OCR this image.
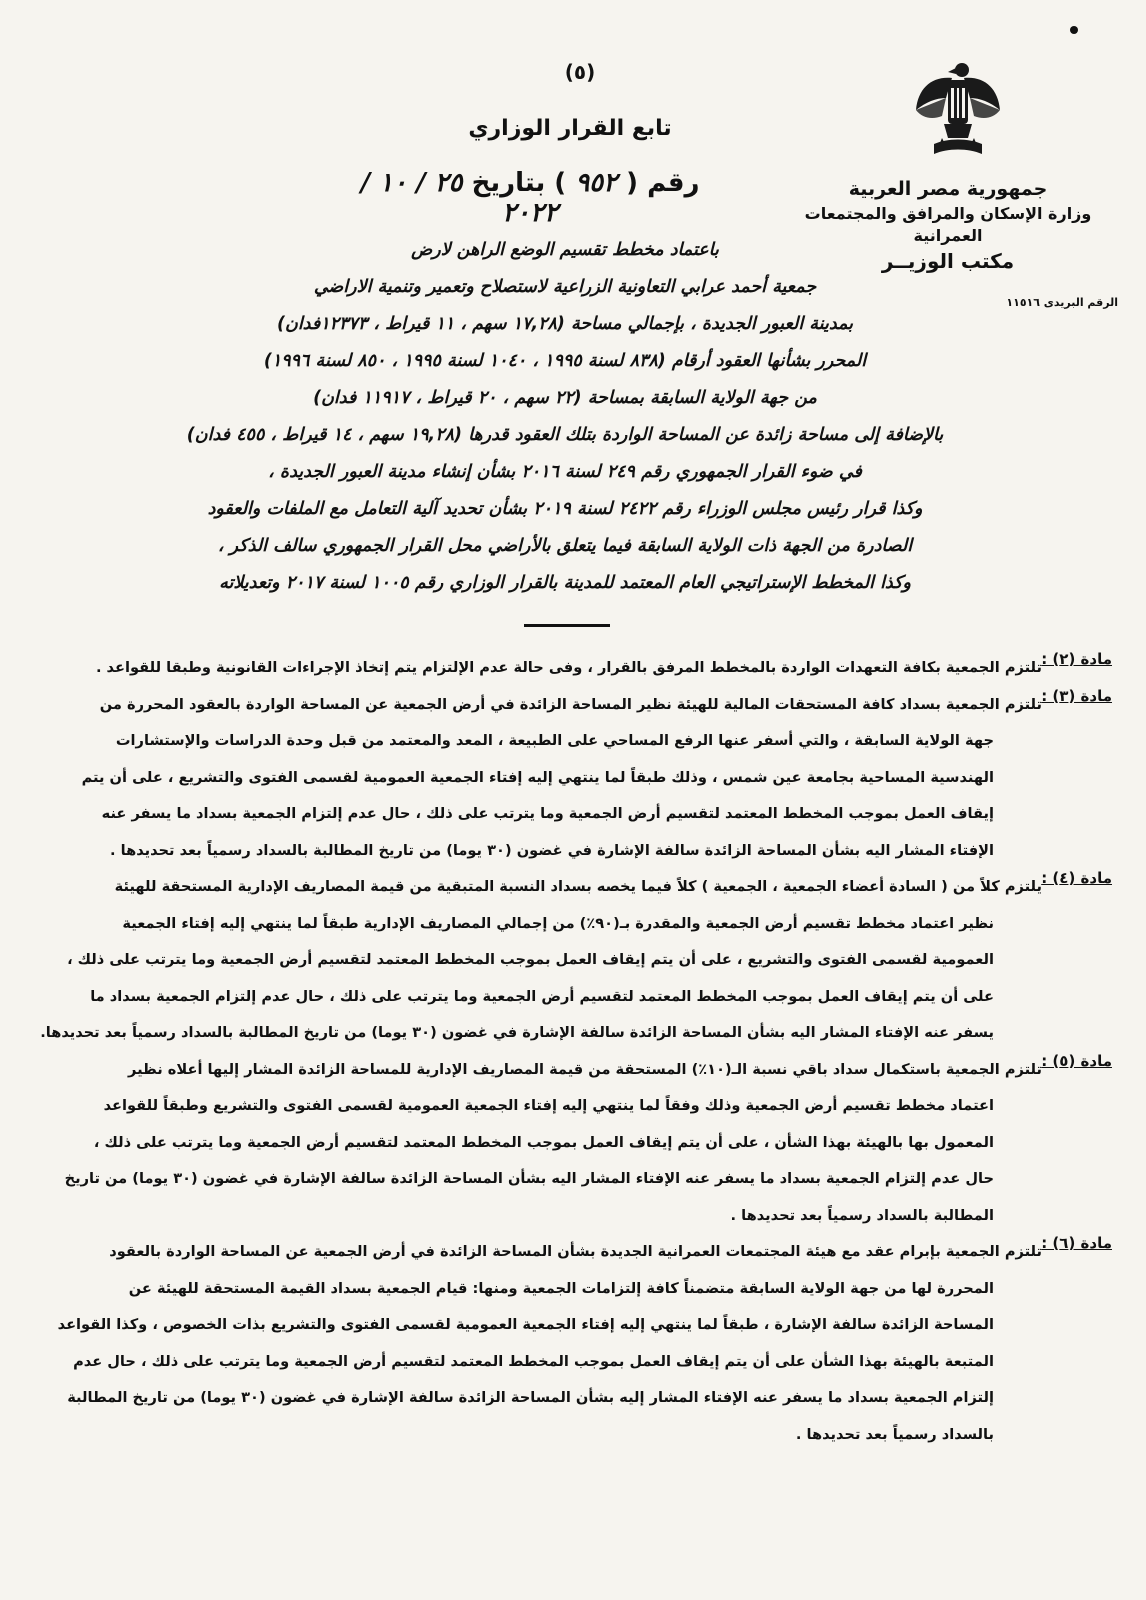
جمهورية مصر العربية
وزارة الإسكان والمرافق والمجتمعات العمرانية
مكتب الوزيــر
الرقم البريدى ١١٥١٦
(٥)
تابع القرار الوزاري
رقم ( ٩٥٢ ) بتاريخ ٢٥ / ١٠ / ٢٠٢٢

باعتماد مخطط تقسيم الوضع الراهن لارض

جمعية أحمد عرابي التعاونية الزراعية لاستصلاح وتعمير وتنمية الاراضي

بمدينة العبور الجديدة ، بإجمالي مساحة (١٧,٢٨ سهم ، ١١ قيراط ، ١٢٣٧٣فدان)

المحرر بشأنها العقود أرقام (٨٣٨ لسنة ١٩٩٥ ، ١٠٤٠ لسنة ١٩٩٥ ، ٨٥٠ لسنة ١٩٩٦)

من جهة الولاية السابقة بمساحة (٢٢ سهم ، ٢٠ قيراط ، ١١٩١٧ فدان)

بالإضافة إلى مساحة زائدة عن المساحة الواردة بتلك العقود قدرها (١٩,٢٨ سهم ، ١٤ قيراط ، ٤٥٥ فدان)

في ضوء القرار الجمهوري رقم ٢٤٩ لسنة ٢٠١٦ بشأن إنشاء مدينة العبور الجديدة ،

وكذا قرار رئيس مجلس الوزراء رقم ٢٤٢٢ لسنة ٢٠١٩ بشأن تحديد آلية التعامل مع الملفات والعقود

الصادرة من الجهة ذات الولاية السابقة فيما يتعلق بالأراضي محل القرار الجمهوري سالف الذكر ،

وكذا المخطط الإستراتيجي العام المعتمد للمدينة بالقرار الوزاري رقم ١٠٠٥ لسنة ٢٠١٧ وتعديلاته

مادة (٢) :
تلتزم الجمعية بكافة التعهدات الواردة بالمخطط المرفق بالقرار ، وفى حالة عدم الإلتزام يتم إتخاذ الإجراءات القانونية وطبقا للقواعد .
مادة (٣) :
تلتزم الجمعية بسداد كافة المستحقات المالية للهيئة نظير المساحة الزائدة في أرض الجمعية عن المساحة الواردة بالعقود المحررة من
جهة الولاية السابقة ، والتي أسفر عنها الرفع المساحي على الطبيعة ، المعد والمعتمد من قبل وحدة الدراسات والإستشارات
الهندسية المساحية بجامعة عين شمس ، وذلك طبقاً لما ينتهي إليه إفتاء الجمعية العمومية لقسمى الفتوى والتشريع ، على أن يتم
إيقاف العمل بموجب المخطط المعتمد لتقسيم أرض الجمعية وما يترتب على ذلك ، حال عدم إلتزام الجمعية بسداد ما يسفر عنه
الإفتاء المشار اليه بشأن المساحة الزائدة سالفة الإشارة في غضون (٣٠ يوما) من تاريخ المطالبة بالسداد رسمياً بعد تحديدها .
مادة (٤) :
يلتزم كلاً من ( السادة أعضاء الجمعية ، الجمعية ) كلاً فيما يخصه بسداد النسبة المتبقية من قيمة المصاريف الإدارية المستحقة للهيئة
نظير اعتماد مخطط تقسيم أرض الجمعية والمقدرة بـ(٩٠٪) من إجمالي المصاريف الإدارية طبقاً لما ينتهي إليه إفتاء الجمعية
العمومية لقسمى الفتوى والتشريع ، على أن يتم إيقاف العمل بموجب المخطط المعتمد لتقسيم أرض الجمعية وما يترتب على ذلك ،
على أن يتم إيقاف العمل بموجب المخطط المعتمد لتقسيم أرض الجمعية وما يترتب على ذلك ، حال عدم إلتزام الجمعية بسداد ما
يسفر عنه الإفتاء المشار اليه بشأن المساحة الزائدة سالفة الإشارة في غضون (٣٠ يوما) من تاريخ المطالبة بالسداد رسمياً بعد تحديدها.
مادة (٥) :
تلتزم الجمعية باستكمال سداد باقي نسبة الـ(١٠٪) المستحقة من قيمة المصاريف الإدارية للمساحة الزائدة المشار إليها أعلاه نظير
اعتماد مخطط تقسيم أرض الجمعية وذلك وفقاً لما ينتهي إليه إفتاء الجمعية العمومية لقسمى الفتوى والتشريع وطبقاً للقواعد
المعمول بها بالهيئة بهذا الشأن ، على أن يتم إيقاف العمل بموجب المخطط المعتمد لتقسيم أرض الجمعية وما يترتب على ذلك ،
حال عدم إلتزام الجمعية بسداد ما يسفر عنه الإفتاء المشار اليه بشأن المساحة الزائدة سالفة الإشارة في غضون (٣٠ يوما) من تاريخ
المطالبة بالسداد رسمياً بعد تحديدها .
مادة (٦) :
تلتزم الجمعية بإبرام عقد مع هيئة المجتمعات العمرانية الجديدة بشأن المساحة الزائدة في أرض الجمعية عن المساحة الواردة بالعقود
المحررة لها من جهة الولاية السابقة متضمناً كافة إلتزامات الجمعية ومنها: قيام الجمعية بسداد القيمة المستحقة للهيئة عن
المساحة الزائدة سالفة الإشارة ، طبقاً لما ينتهي إليه إفتاء الجمعية العمومية لقسمى الفتوى والتشريع بذات الخصوص ، وكذا القواعد
المتبعة بالهيئة بهذا الشأن على أن يتم إيقاف العمل بموجب المخطط المعتمد لتقسيم أرض الجمعية وما يترتب على ذلك ، حال عدم
إلتزام الجمعية بسداد ما يسفر عنه الإفتاء المشار إليه بشأن المساحة الزائدة سالفة الإشارة في غضون (٣٠ يوما) من تاريخ المطالبة
بالسداد رسمياً بعد تحديدها .
